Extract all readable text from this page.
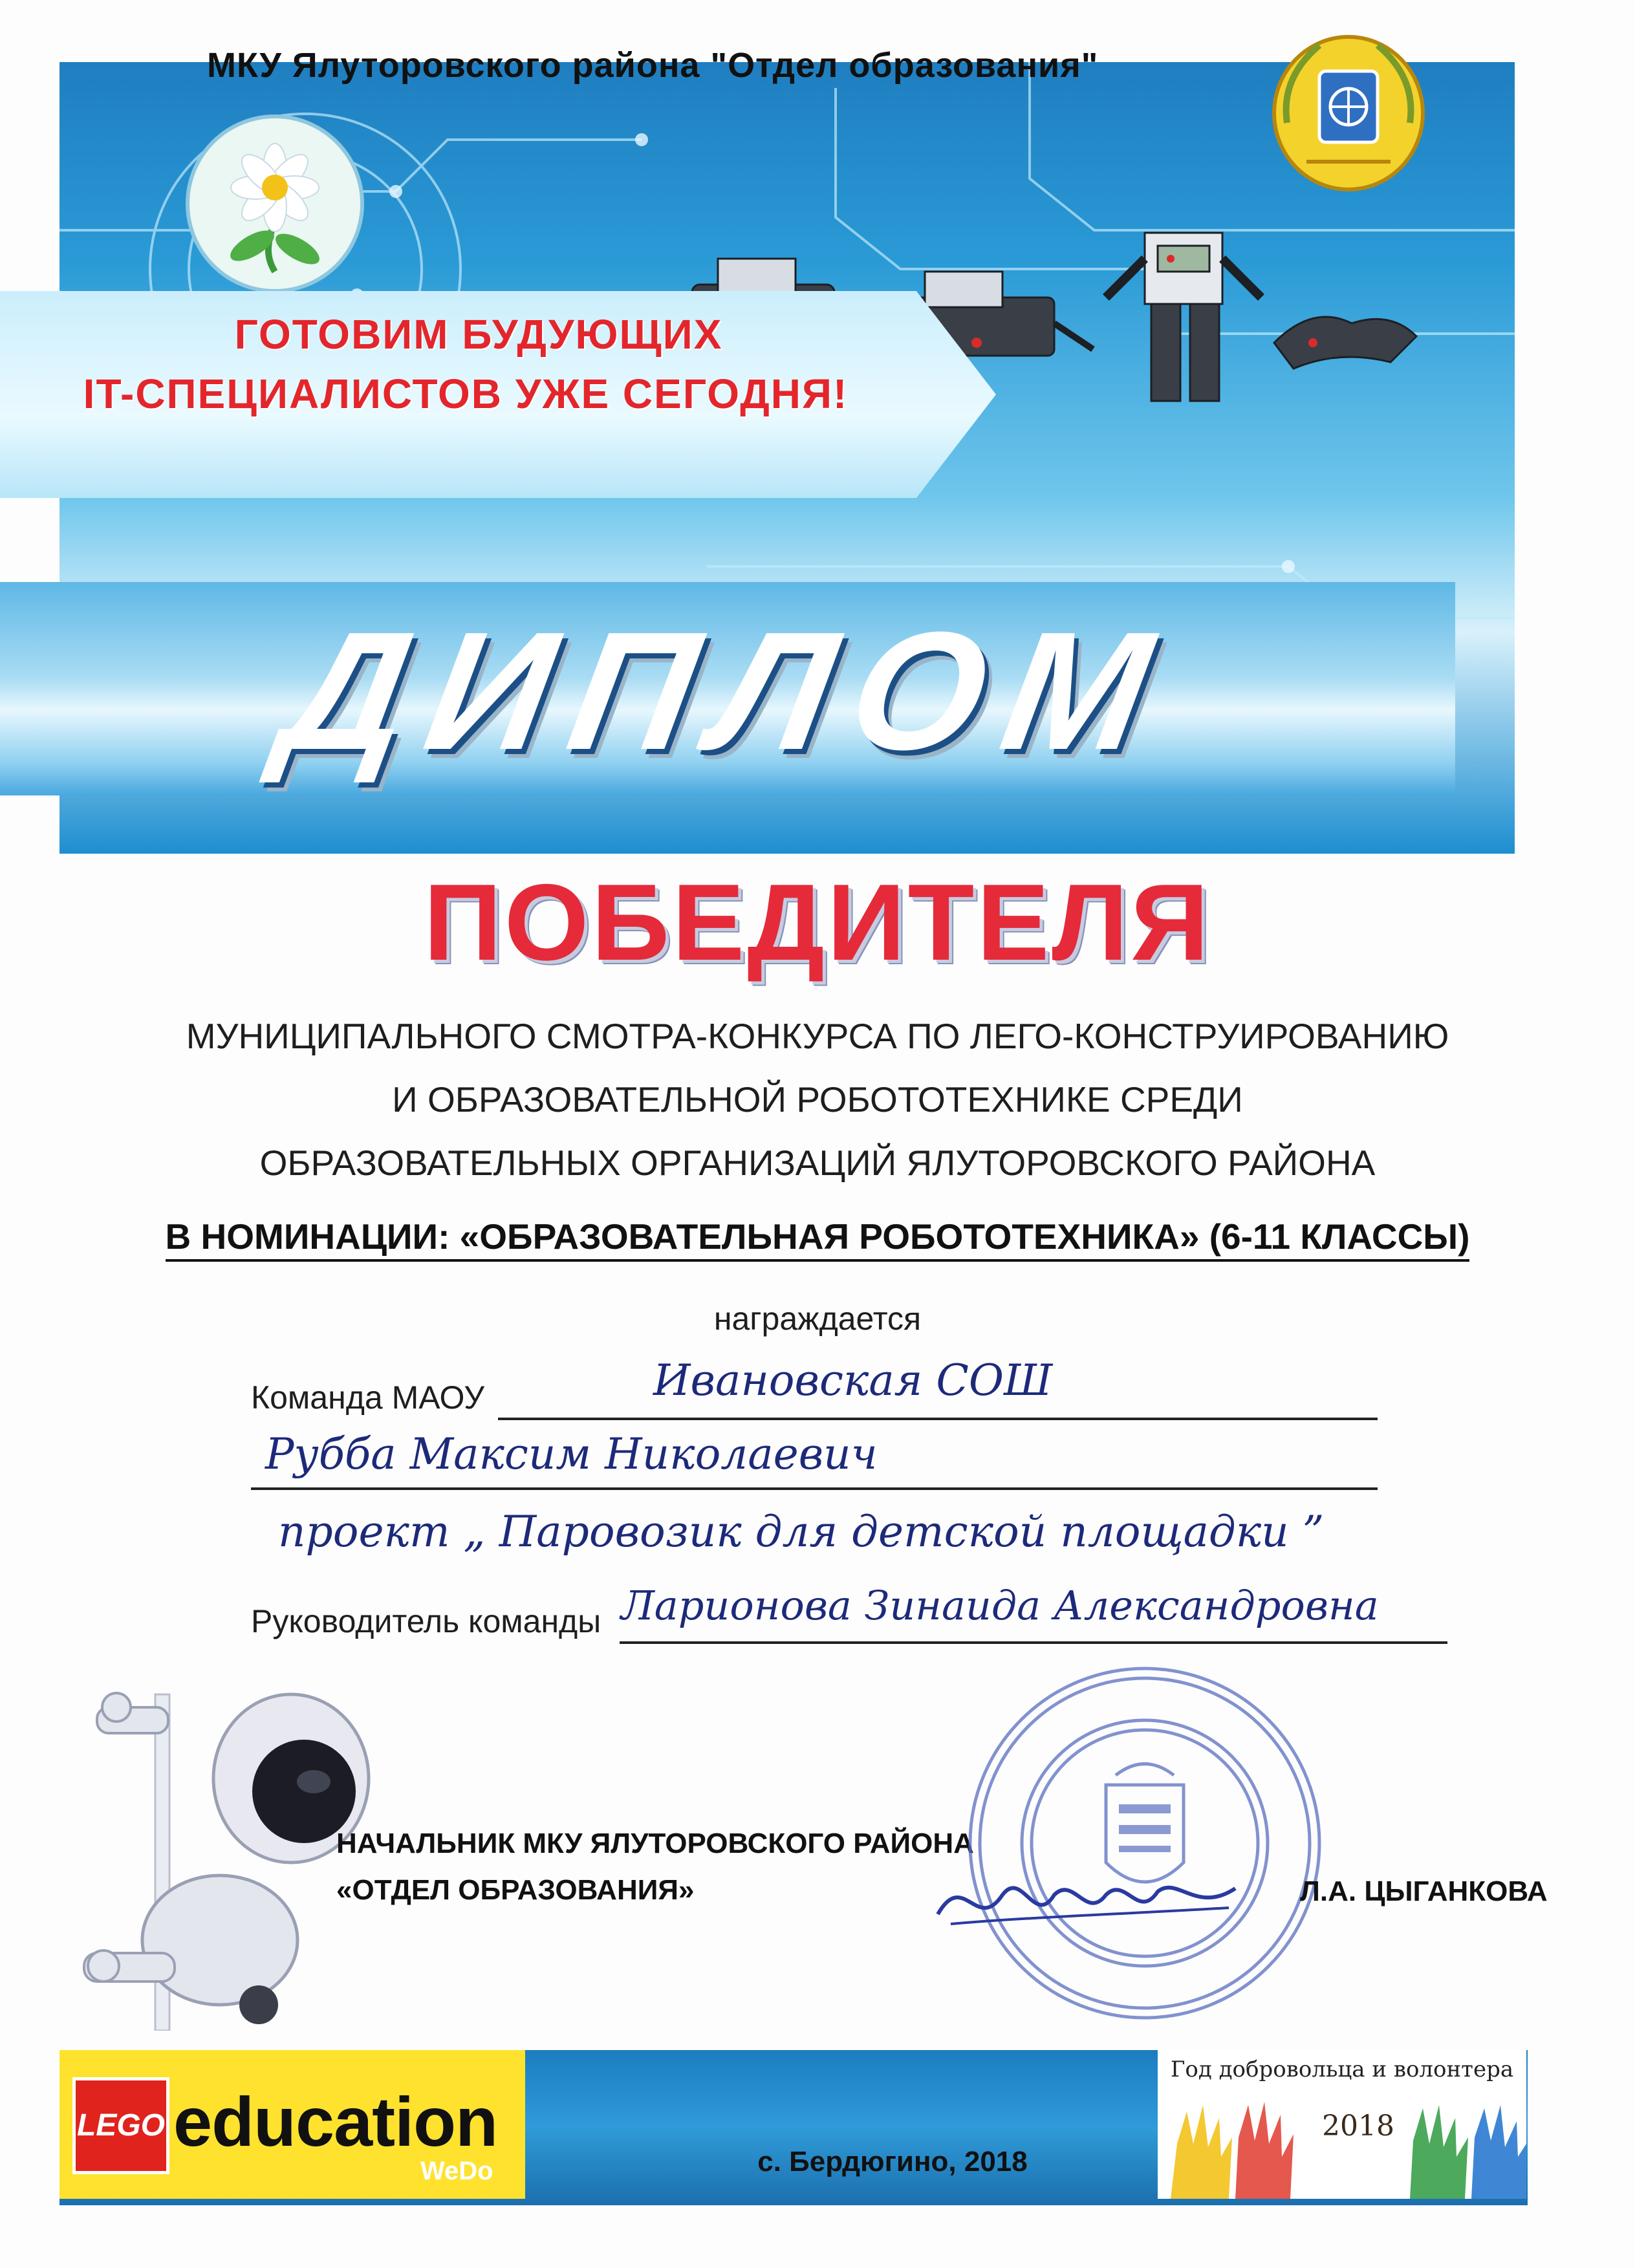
МКУ Ялуторовского района "Отдел образования"
ГОТОВИМ БУДУЮЩИХ
IT-СПЕЦИАЛИСТОВ УЖЕ СЕГОДНЯ!
ДИПЛОМ
ПОБЕДИТЕЛЯ
МУНИЦИПАЛЬНОГО СМОТРА-КОНКУРСА ПО ЛЕГО-КОНСТРУИРОВАНИЮ
И ОБРАЗОВАТЕЛЬНОЙ РОБОТОТЕХНИКЕ СРЕДИ
ОБРАЗОВАТЕЛЬНЫХ ОРГАНИЗАЦИЙ ЯЛУТОРОВСКОГО РАЙОНА
В НОМИНАЦИИ: «ОБРАЗОВАТЕЛЬНАЯ РОБОТОТЕХНИКА» (6-11 КЛАССЫ)
награждается
Команда МАОУ	Ивановская СОШ
Рубба Максим Николаевич
проект „ Паровозик для детской площадки ”
Руководитель команды Ларионова Зинаида Александровна
НАЧАЛЬНИК МКУ ЯЛУТОРОВСКОГО РАЙОНА
«ОТДЕЛ ОБРАЗОВАНИЯ»	Л.А. ЦЫГАНКОВА
LEGO education
WeDo	с. Бердюгино, 2018
Год добровольца и волонтера
2018
